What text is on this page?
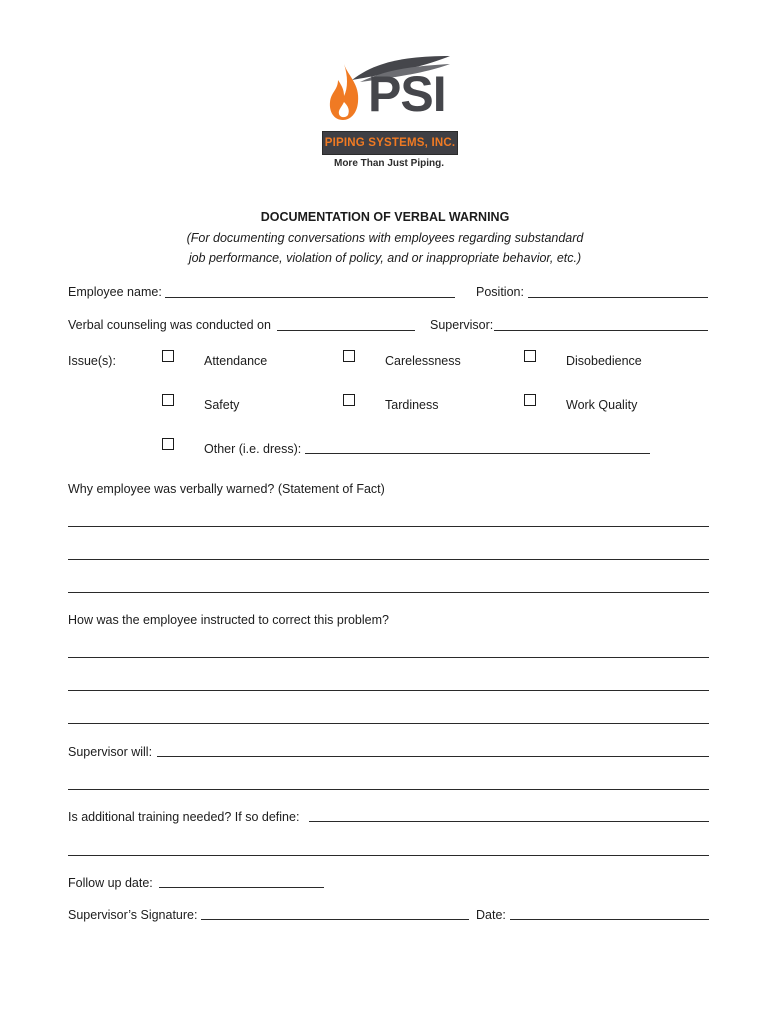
PSI
PIPING SYSTEMS, INC.
More Than Just Piping.
DOCUMENTATION OF VERBAL WARNING
(For documenting conversations with employees regarding substandard
job performance, violation of policy, and or inappropriate behavior, etc.)
Employee name:	Position:
Verbal counseling was conducted on	Supervisor:
Issue(s):	Attendance	Carelessness	Disobedience
Safety	Tardiness	Work Quality
Other (i.e. dress):
Why employee was verbally warned? (Statement of Fact)
How was the employee instructed to correct this problem?
Supervisor will:
Is additional training needed? If so define:
Follow up date:
Supervisor’s Signature:	Date:
